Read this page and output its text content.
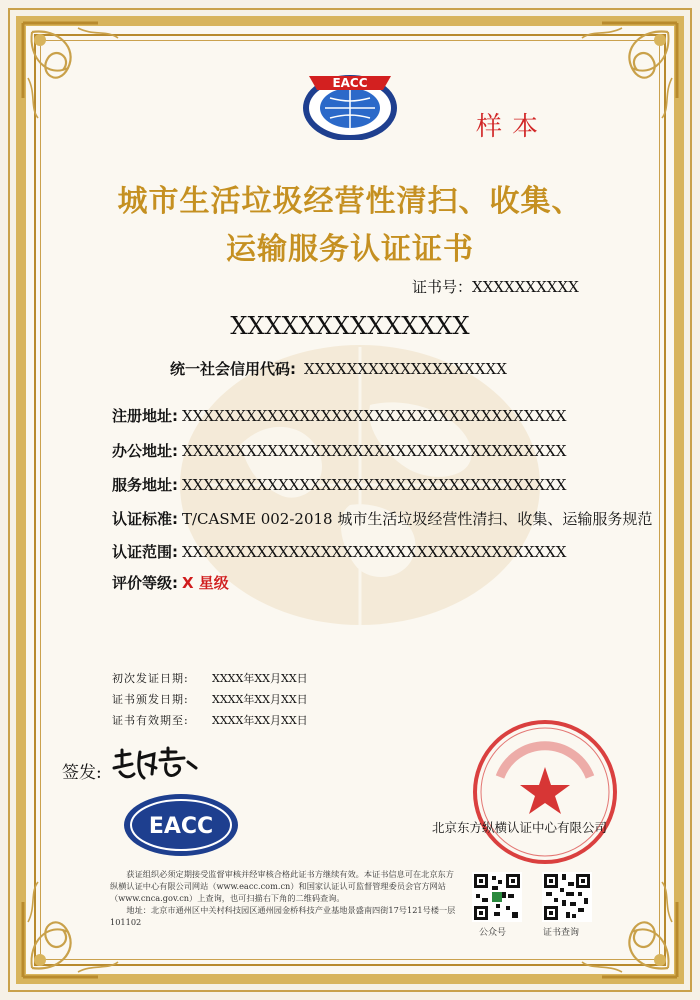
EACC
样本
城市生活垃圾经营性清扫、收集、
运输服务认证证书
证书号：XXXXXXXXXX
XXXXXXXXXXXXXX
统一社会信用代码: XXXXXXXXXXXXXXXXXXX
注册地址: XXXXXXXXXXXXXXXXXXXXXXXXXXXXXXXXXXXX
办公地址: XXXXXXXXXXXXXXXXXXXXXXXXXXXXXXXXXXXX
服务地址: XXXXXXXXXXXXXXXXXXXXXXXXXXXXXXXXXXXX
认证标准: T/CASME 002-2018 城市生活垃圾经营性清扫、收集、运输服务规范
认证范围: XXXXXXXXXXXXXXXXXXXXXXXXXXXXXXXXXXXX
评价等级: X 星级
初次发证日期:	XXXX年XX月XX日
证书颁发日期:	XXXX年XX月XX日
证书有效期至:	XXXX年XX月XX日
签发:
EACC	北京东方纵横认证中心有限公司

获证组织必须定期接受监督审核并经审核合格此证书方继续有效。本证书信息可在北京东方纵横认证中心有限公司网站（www.eacc.com.cn）和国家认证认可监督管理委员会官方网站（www.cnca.gov.cn）上查询，也可扫描右下角的二维码查询。

地址：北京市通州区中关村科技园区通州园金桥科技产业基地景盛南四街17号121号楼一层 101102

公众号	证书查询
